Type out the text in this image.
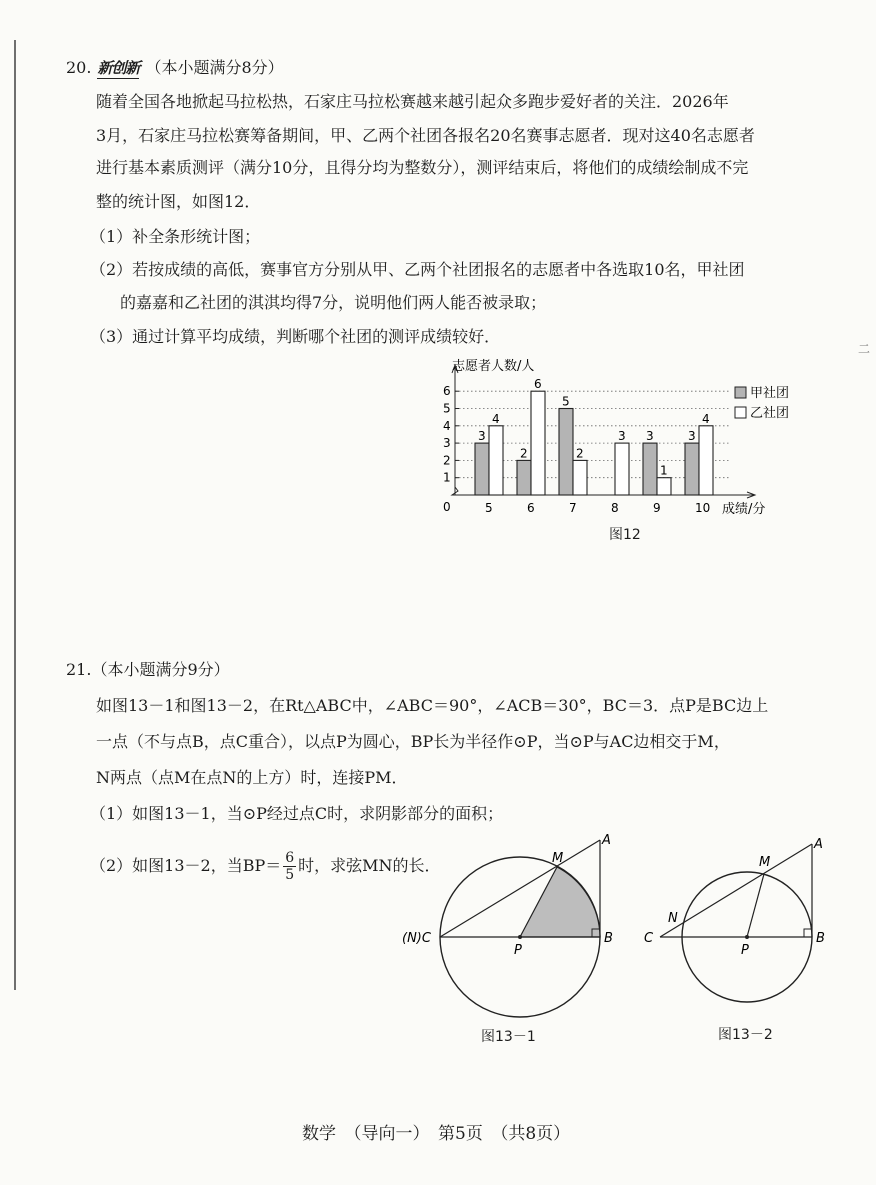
二
20. 新创新 （本小题满分8分）
随着全国各地掀起马拉松热，石家庄马拉松赛越来越引起众多跑步爱好者的关注．2026年
3月，石家庄马拉松赛筹备期间，甲、乙两个社团各报名20名赛事志愿者．现对这40名志愿者
进行基本素质测评（满分10分，且得分均为整数分），测评结束后，将他们的成绩绘制成不完
整的统计图，如图12．
（1）补全条形统计图；
（2）若按成绩的高低，赛事官方分别从甲、乙两个社团报名的志愿者中各选取10名，甲社团
的嘉嘉和乙社团的淇淇均得7分，说明他们两人能否被录取；
（3）通过计算平均成绩，判断哪个社团的测评成绩较好．
1
2
3
4
5
6
志愿者人数/人
0	成绩/分
5
3
4
6
2
6
7
5
2
8
3
9
3
1
10
3
4
甲社团
乙社团
图12
21.（本小题满分9分）
如图13－1和图13－2，在Rt△ABC中，∠ABC＝90°，∠ACB＝30°，BC＝3．点P是BC边上
一点（不与点B，点C重合），以点P为圆心，BP长为半径作⊙P，当⊙P与AC边相交于M，
N两点（点M在点N的上方）时，连接PM．
（1）如图13－1，当⊙P经过点C时，求阴影部分的面积；
（2）如图13－2，当$BP= \frac{6}{5}$ 时，求弦MN的长．
A
M
(N)C
P
B
图13－1
A
M
N
C
P
B
图13－2
数学　（导向一）　第5页　（共8页）
